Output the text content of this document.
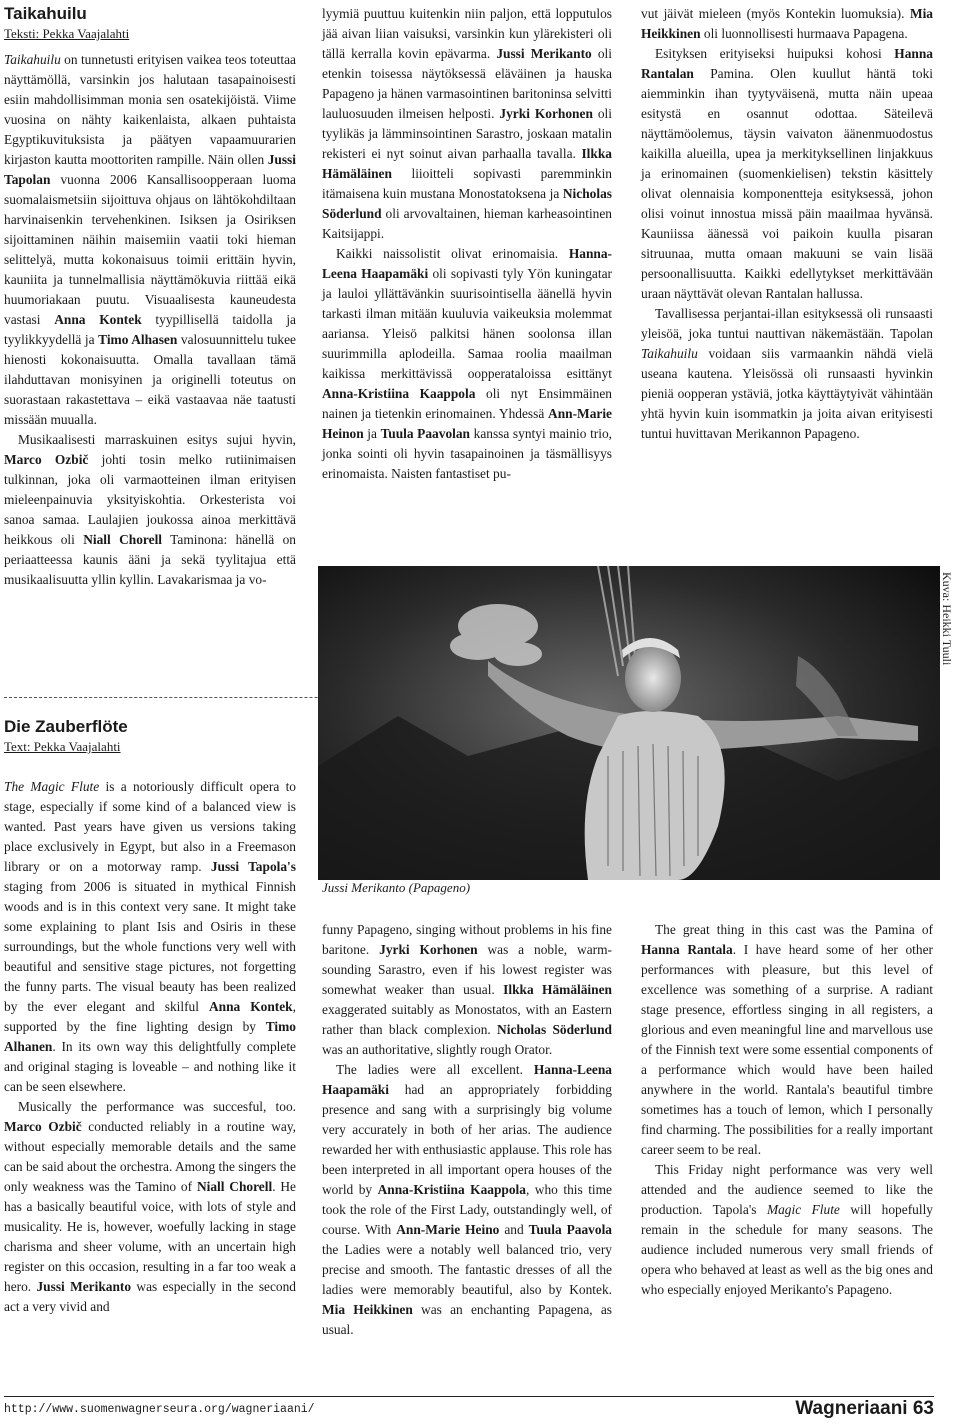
Taikahuilu
Teksti: Pekka Vaajalahti

Taikahuilu on tunnetusti erityisen vaikea teos toteuttaa näyttämöllä, varsinkin jos halutaan tasapainoisesti esiin mahdollisimman monia sen osatekijöistä. Viime vuosina on nähty kaikenlaista, alkaen puhtaista Egyptikuvituksista ja päätyen vapaamuurarien kirjaston kautta moottoriten rampille. Näin ollen Jussi Tapolan vuonna 2006 Kansallisoopperaan luoma suomalaismetsiin sijoittuva ohjaus on lähtökohdiltaan harvinaisenkin tervehenkinen. Isiksen ja Osiriksen sijoittaminen näihin maisemiin vaatii toki hieman selittelyä, mutta kokonaisuus toimii erittäin hyvin, kauniita ja tunnelmallisia näyttämökuvia riittää eikä huumoriakaan puutu. Visuaalisesta kauneudesta vastasi Anna Kontek tyypillisellä taidolla ja tyylikkyydellä ja Timo Alhasen valosuunnittelu tukee hienosti kokonaisuutta. Omalla tavallaan tämä ilahduttavan monisyinen ja originelli toteutus on suorastaan rakastettava – eikä vastaavaa näe taatusti missään muualla.

Musikaalisesti marraskuinen esitys sujui hyvin, Marco Ozbič johti tosin melko rutiinimaisen tulkinnan, joka oli varmaotteinen ilman erityisen mieleenpainuvia yksityiskohtia. Orkesterista voi sanoa samaa. Laulajien joukossa ainoa merkittävä heikkous oli Niall Chorell Taminona: hänellä on periaatteessa kaunis ääni ja sekä tyylitajua että musikaalisuutta yllin kyllin. Lavakarismaa ja vo-

lyymiä puuttuu kuitenkin niin paljon, että lopputulos jää aivan liian vaisuksi, varsinkin kun ylärekisteri oli tällä kerralla kovin epävarma. Jussi Merikanto oli etenkin toisessa näytöksessä eläväinen ja hauska Papageno ja hänen varmasointinen baritoninsa selvitti lauluosuuden ilmeisen helposti. Jyrki Korhonen oli tyylikäs ja lämminsointinen Sarastro, joskaan matalin rekisteri ei nyt soinut aivan parhaalla tavalla. Ilkka Hämäläinen liioitteli sopivasti paremminkin itämaisena kuin mustana Monostatoksena ja Nicholas Söderlund oli arvovaltainen, hieman karheasointinen Kaitsijappi.

Kaikki naissolistit olivat erinomaisia. Hanna-Leena Haapamäki oli sopivasti tyly Yön kuningatar ja lauloi yllättävänkin suurisointisella äänellä hyvin tarkasti ilman mitään kuuluvia vaikeuksia molemmat aariansa. Yleisö palkitsi hänen soolonsa illan suurimmilla aplodeilla. Samaa roolia maailman kaikissa merkittävissä oopperataloissa esittänyt Anna-Kristiina Kaappola oli nyt Ensimmäinen nainen ja tietenkin erinomainen. Yhdessä Ann-Marie Heinon ja Tuula Paavolan kanssa syntyi mainio trio, jonka sointi oli hyvin tasapainoinen ja täsmällisyys erinomaista. Naisten fantastiset pu-

vut jäivät mieleen (myös Kontekin luomuksia). Mia Heikkinen oli luonnollisesti hurmaava Papagena.

Esityksen erityiseksi huipuksi kohosi Hanna Rantalan Pamina. Olen kuullut häntä toki aiemminkin ihan tyytyväisenä, mutta näin upeaa esitystä en osannut odottaa. Säteilevä näyttämöolemus, täysin vaivaton äänenmuodostus kaikilla alueilla, upea ja merkityksellinen linjakkuus ja erinomainen (suomenkielisen) tekstin käsittely olivat olennaisia komponentteja esityksessä, johon olisi voinut innostua missä päin maailmaa hyvänsä. Kauniissa äänessä voi paikoin kuulla pisaran sitruunaa, mutta omaan makuuni se vain lisää persoonallisuutta. Kaikki edellytykset merkittävään uraan näyttävät olevan Rantalan hallussa.

Tavallisessa perjantai-illan esityksessä oli runsaasti yleisöä, joka tuntui nauttivan näkemästään. Tapolan Taikahuilu voidaan siis varmaankin nähdä vielä useana kautena. Yleisössä oli runsaasti hyvinkin pieniä oopperan ystäviä, jotka käyttäytyivät vähintään yhtä hyvin kuin isommatkin ja joita aivan erityisesti tuntui huvittavan Merikannon Papageno.

Kuva: Heikki Tuuli
Jussi Merikanto (Papageno)
Die Zauberflöte
Text: Pekka Vaajalahti

The Magic Flute is a notoriously difficult opera to stage, especially if some kind of a balanced view is wanted. Past years have given us versions taking place exclusively in Egypt, but also in a Freemason library or on a motorway ramp. Jussi Tapola's staging from 2006 is situated in mythical Finnish woods and is in this context very sane. It might take some explaining to plant Isis and Osiris in these surroundings, but the whole functions very well with beautiful and sensitive stage pictures, not forgetting the funny parts. The visual beauty has been realized by the ever elegant and skilful Anna Kontek, supported by the fine lighting design by Timo Alhanen. In its own way this delightfully complete and original staging is loveable – and nothing like it can be seen elsewhere.

Musically the performance was succesful, too. Marco Ozbič conducted reliably in a routine way, without especially memorable details and the same can be said about the orchestra. Among the singers the only weakness was the Tamino of Niall Chorell. He has a basically beautiful voice, with lots of style and musicality. He is, however, woefully lacking in stage charisma and sheer volume, with an uncertain high register on this occasion, resulting in a far too weak a hero. Jussi Merikanto was especially in the second act a very vivid and

funny Papageno, singing without problems in his fine baritone. Jyrki Korhonen was a noble, warm-sounding Sarastro, even if his lowest register was somewhat weaker than usual. Ilkka Hämäläinen exaggerated suitably as Monostatos, with an Eastern rather than black complexion. Nicholas Söderlund was an authoritative, slightly rough Orator.

The ladies were all excellent. Hanna-Leena Haapamäki had an appropriately forbidding presence and sang with a surprisingly big volume very accurately in both of her arias. The audience rewarded her with enthusiastic applause. This role has been interpreted in all important opera houses of the world by Anna-Kristiina Kaappola, who this time took the role of the First Lady, outstandingly well, of course. With Ann-Marie Heino and Tuula Paavola the Ladies were a notably well balanced trio, very precise and smooth. The fantastic dresses of all the ladies were memorably beautiful, also by Kontek. Mia Heikkinen was an enchanting Papagena, as usual.

The great thing in this cast was the Pamina of Hanna Rantala. I have heard some of her other performances with pleasure, but this level of excellence was something of a surprise. A radiant stage presence, effortless singing in all registers, a glorious and even meaningful line and marvellous use of the Finnish text were some essential components of a performance which would have been hailed anywhere in the world. Rantala's beautiful timbre sometimes has a touch of lemon, which I personally find charming. The possibilities for a really important career seem to be real.

This Friday night performance was very well attended and the audience seemed to like the production. Tapola's Magic Flute will hopefully remain in the schedule for many seasons. The audience included numerous very small friends of opera who behaved at least as well as the big ones and who especially enjoyed Merikanto's Papageno.

http://www.suomenwagnerseura.org/wagneriaani/	Wagneriaani 63
